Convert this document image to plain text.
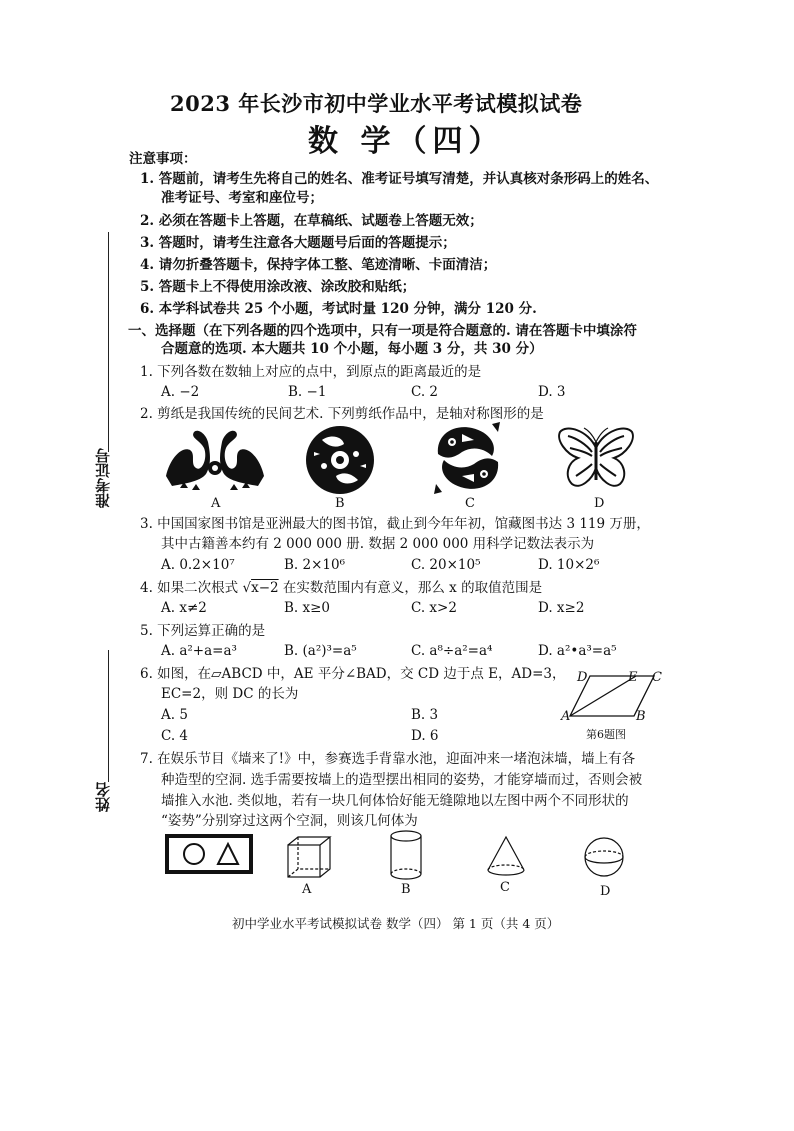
2023 年长沙市初中学业水平考试模拟试卷
数 学（四）
注意事项：
1. 答题前，请考生先将自己的姓名、准考证号填写清楚，并认真核对条形码上的姓名、
准考证号、考室和座位号；
2. 必须在答题卡上答题，在草稿纸、试题卷上答题无效；
3. 答题时，请考生注意各大题题号后面的答题提示；
4. 请勿折叠答题卡，保持字体工整、笔迹清晰、卡面清洁；
5. 答题卡上不得使用涂改液、涂改胶和贴纸；
6. 本学科试卷共 25 个小题，考试时量 120 分钟，满分 120 分.
一、选择题（在下列各题的四个选项中，只有一项是符合题意的. 请在答题卡中填涂符
合题意的选项. 本大题共 10 个小题，每小题 3 分，共 30 分）
1. 下列各数在数轴上对应的点中，到原点的距离最近的是
A. −2	B. −1	C. 2	D. 3
2. 剪纸是我国传统的民间艺术. 下列剪纸作品中，是轴对称图形的是
A	B	C	D
3. 中国国家图书馆是亚洲最大的图书馆，截止到今年年初，馆藏图书达 3 119 万册，
其中古籍善本约有 2 000 000 册. 数据 2 000 000 用科学记数法表示为
A. 0.2×10⁷	B. 2×10⁶	C. 20×10⁵	D. 10×2⁶
4. 如果二次根式 √x−2 在实数范围内有意义，那么 x 的取值范围是
A. x≠2	B. x≥0	C. x>2	D. x≥2
5. 下列运算正确的是
A. a²+a=a³	B. (a²)³=a⁵	C. a⁸÷a²=a⁴	D. a²•a³=a⁵
6. 如图，在▱ABCD 中，AE 平分∠BAD，交 CD 边于点 E，AD=3，
EC=2，则 DC 的长为
A. 5	B. 3
C. 4	D. 6
D	E C
A	B
第6题图
7. 在娱乐节目《墙来了!》中，参赛选手背靠水池，迎面冲来一堵泡沫墙，墙上有各
种造型的空洞. 选手需要按墙上的造型摆出相同的姿势，才能穿墙而过，否则会被
墙推入水池. 类似地，若有一块几何体恰好能无缝隙地以左图中两个不同形状的
“姿势”分别穿过这两个空洞，则该几何体为
A	B	C	D
准考证号
姓名
初中学业水平考试模拟试卷 数学（四） 第 1 页（共 4 页）
